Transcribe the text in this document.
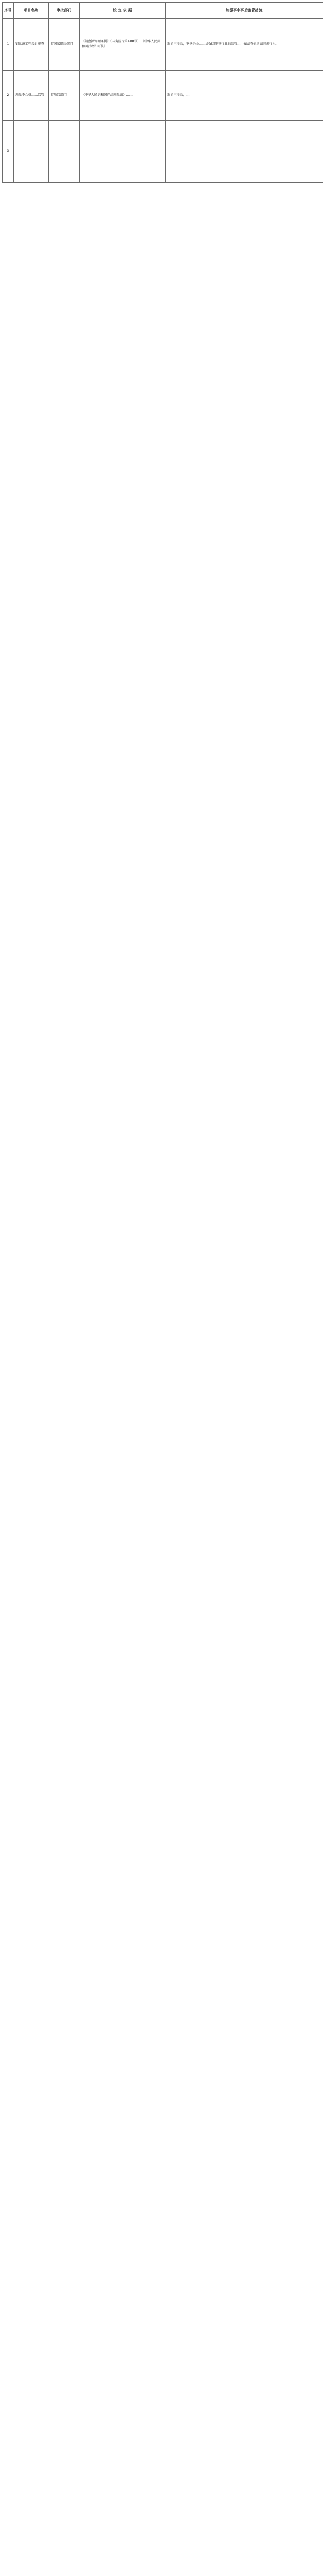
序号	项目名称	审批部门	设 定 依 据	加强事中事后监管措施

1	钢盘源工程设计审查	省国家钢局部门	《钢盘源管理条例》（国务院令第408号） 《中华人民共和国行政许可法》……	取消审批后，钢铁企业……加强对钢铁行业的监管……依法查处违法违规行为。

2	质量不合格……监管	省质监部门	《中华人民共和国产品质量法》……	取消审批后，……

3				
